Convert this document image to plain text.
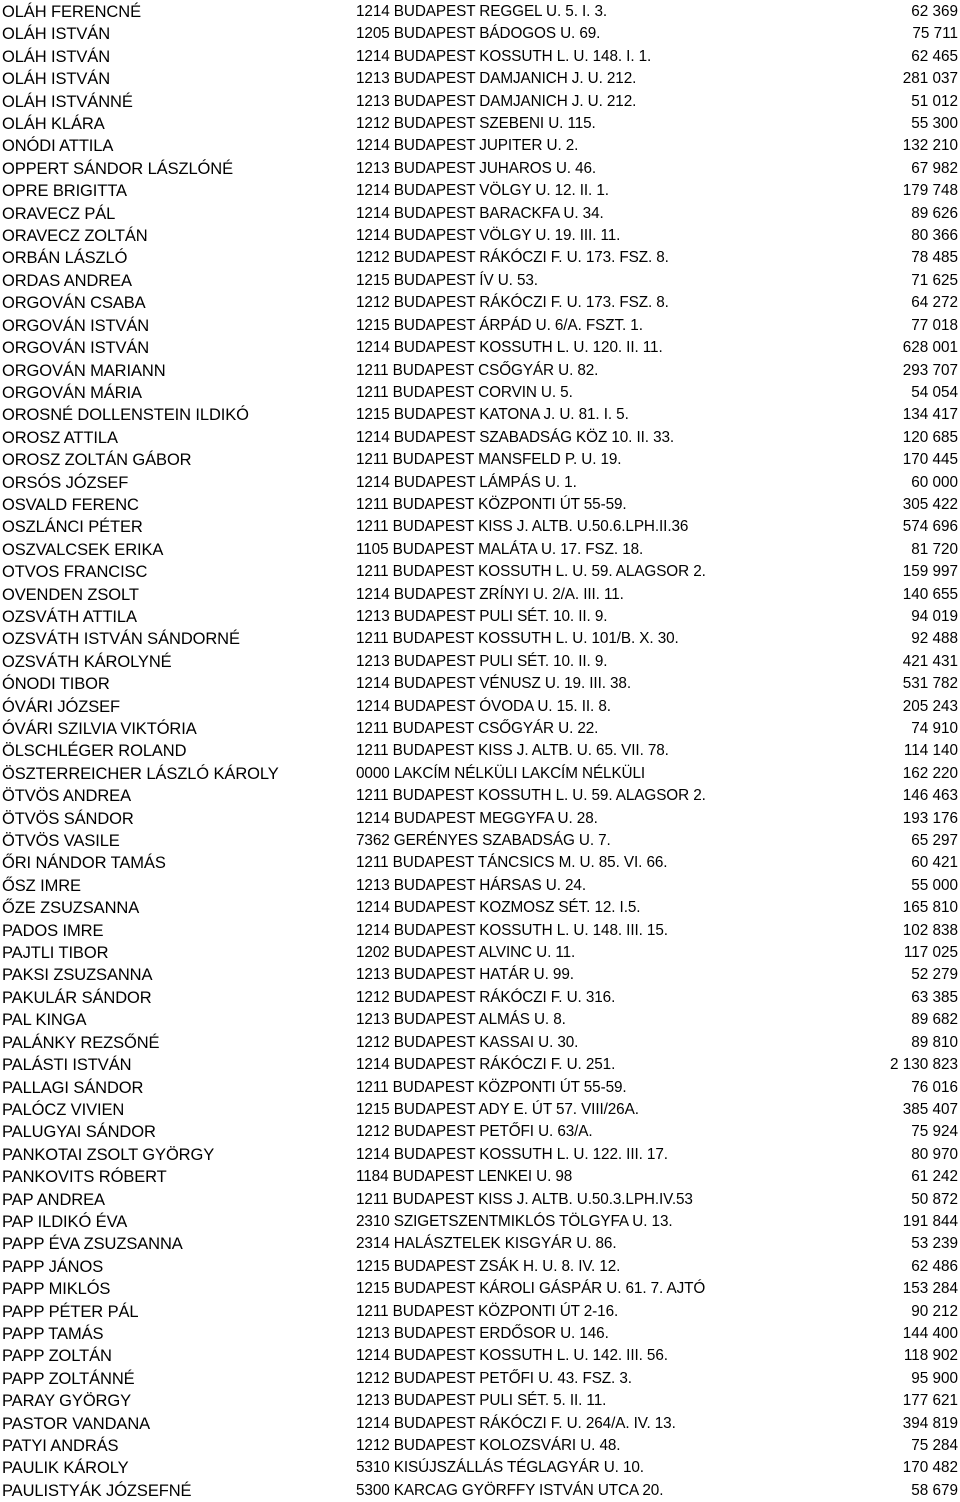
OLÁH FERENCNÉ	1214 BUDAPEST REGGEL U. 5. I. 3.	62 369
OLÁH ISTVÁN	1205 BUDAPEST BÁDOGOS U. 69.	75 711
OLÁH ISTVÁN	1214 BUDAPEST KOSSUTH L. U. 148. I. 1.	62 465
OLÁH ISTVÁN	1213 BUDAPEST DAMJANICH J. U. 212.	281 037
OLÁH ISTVÁNNÉ	1213 BUDAPEST DAMJANICH J. U. 212.	51 012
OLÁH KLÁRA	1212 BUDAPEST SZEBENI U. 115.	55 300
ONÓDI ATTILA	1214 BUDAPEST JUPITER U. 2.	132 210
OPPERT SÁNDOR LÁSZLÓNÉ	1213 BUDAPEST JUHAROS U. 46.	67 982
OPRE BRIGITTA	1214 BUDAPEST VÖLGY U. 12. II. 1.	179 748
ORAVECZ PÁL	1214 BUDAPEST BARACKFA U. 34.	89 626
ORAVECZ ZOLTÁN	1214 BUDAPEST VÖLGY U. 19. III. 11.	80 366
ORBÁN LÁSZLÓ	1212 BUDAPEST RÁKÓCZI F. U. 173. FSZ. 8.	78 485
ORDAS ANDREA	1215 BUDAPEST ÍV U. 53.	71 625
ORGOVÁN CSABA	1212 BUDAPEST RÁKÓCZI F. U. 173. FSZ. 8.	64 272
ORGOVÁN ISTVÁN	1215 BUDAPEST ÁRPÁD U. 6/A. FSZT. 1.	77 018
ORGOVÁN ISTVÁN	1214 BUDAPEST KOSSUTH L. U. 120. II. 11.	628 001
ORGOVÁN MARIANN	1211 BUDAPEST CSŐGYÁR U. 82.	293 707
ORGOVÁN MÁRIA	1211 BUDAPEST CORVIN U. 5.	54 054
OROSNÉ DOLLENSTEIN ILDIKÓ	1215 BUDAPEST KATONA J. U. 81. I. 5.	134 417
OROSZ ATTILA	1214 BUDAPEST SZABADSÁG KÖZ 10. II. 33.	120 685
OROSZ ZOLTÁN GÁBOR	1211 BUDAPEST MANSFELD P. U. 19.	170 445
ORSÓS JÓZSEF	1214 BUDAPEST LÁMPÁS U. 1.	60 000
OSVALD FERENC	1211 BUDAPEST KÖZPONTI ÚT 55-59.	305 422
OSZLÁNCI PÉTER	1211 BUDAPEST KISS J. ALTB. U.50.6.LPH.II.36	574 696
OSZVALCSEK ERIKA	1105 BUDAPEST MALÁTA U. 17. FSZ. 18.	81 720
OTVOS FRANCISC	1211 BUDAPEST KOSSUTH L. U. 59. ALAGSOR 2.	159 997
OVENDEN ZSOLT	1214 BUDAPEST ZRÍNYI U. 2/A. III. 11.	140 655
OZSVÁTH ATTILA	1213 BUDAPEST PULI SÉT. 10. II. 9.	94 019
OZSVÁTH ISTVÁN SÁNDORNÉ	1211 BUDAPEST KOSSUTH L. U. 101/B. X. 30.	92 488
OZSVÁTH KÁROLYNÉ	1213 BUDAPEST PULI SÉT. 10. II. 9.	421 431
ÓNODI TIBOR	1214 BUDAPEST VÉNUSZ U. 19. III. 38.	531 782
ÓVÁRI JÓZSEF	1214 BUDAPEST ÓVODA U. 15. II. 8.	205 243
ÓVÁRI SZILVIA VIKTÓRIA	1211 BUDAPEST CSŐGYÁR U. 22.	74 910
ÖLSCHLÉGER ROLAND	1211 BUDAPEST KISS J. ALTB. U. 65. VII. 78.	114 140
ÖSZTERREICHER LÁSZLÓ KÁROLY	0000 LAKCÍM NÉLKÜLI LAKCÍM NÉLKÜLI	162 220
ÖTVÖS ANDREA	1211 BUDAPEST KOSSUTH L. U. 59. ALAGSOR 2.	146 463
ÖTVÖS SÁNDOR	1214 BUDAPEST MEGGYFA U. 28.	193 176
ÖTVÖS VASILE	7362 GERÉNYES SZABADSÁG U. 7.	65 297
ŐRI NÁNDOR TAMÁS	1211 BUDAPEST TÁNCSICS M. U. 85. VI. 66.	60 421
ŐSZ IMRE	1213 BUDAPEST HÁRSAS U. 24.	55 000
ŐZE ZSUZSANNA	1214 BUDAPEST KOZMOSZ SÉT. 12. I.5.	165 810
PADOS IMRE	1214 BUDAPEST KOSSUTH L. U. 148. III. 15.	102 838
PAJTLI TIBOR	1202 BUDAPEST ALVINC U. 11.	117 025
PAKSI ZSUZSANNA	1213 BUDAPEST HATÁR U. 99.	52 279
PAKULÁR SÁNDOR	1212 BUDAPEST RÁKÓCZI F. U. 316.	63 385
PAL KINGA	1213 BUDAPEST ALMÁS U. 8.	89 682
PALÁNKY REZSŐNÉ	1212 BUDAPEST KASSAI U. 30.	89 810
PALÁSTI ISTVÁN	1214 BUDAPEST RÁKÓCZI F. U. 251.	2 130 823
PALLAGI SÁNDOR	1211 BUDAPEST KÖZPONTI ÚT 55-59.	76 016
PALÓCZ VIVIEN	1215 BUDAPEST ADY E. ÚT 57. VIII/26A.	385 407
PALUGYAI SÁNDOR	1212 BUDAPEST PETŐFI U. 63/A.	75 924
PANKOTAI ZSOLT GYÖRGY	1214 BUDAPEST KOSSUTH L. U. 122. III. 17.	80 970
PANKOVITS RÓBERT	1184 BUDAPEST LENKEI U. 98	61 242
PAP ANDREA	1211 BUDAPEST KISS J. ALTB. U.50.3.LPH.IV.53	50 872
PAP ILDIKÓ ÉVA	2310 SZIGETSZENTMIKLÓS TÖLGYFA U. 13.	191 844
PAPP ÉVA ZSUZSANNA	2314 HALÁSZTELEK KISGYÁR U. 86.	53 239
PAPP JÁNOS	1215 BUDAPEST ZSÁK H. U. 8. IV. 12.	62 486
PAPP MIKLÓS	1215 BUDAPEST KÁROLI GÁSPÁR U. 61. 7. AJTÓ	153 284
PAPP PÉTER PÁL	1211 BUDAPEST KÖZPONTI ÚT 2-16.	90 212
PAPP TAMÁS	1213 BUDAPEST ERDŐSOR U. 146.	144 400
PAPP ZOLTÁN	1214 BUDAPEST KOSSUTH L. U. 142. III. 56.	118 902
PAPP ZOLTÁNNÉ	1212 BUDAPEST PETŐFI U. 43. FSZ. 3.	95 900
PARAY GYÖRGY	1213 BUDAPEST PULI SÉT. 5. II. 11.	177 621
PASTOR VANDANA	1214 BUDAPEST RÁKÓCZI F. U. 264/A. IV. 13.	394 819
PATYI ANDRÁS	1212 BUDAPEST KOLOZSVÁRI U. 48.	75 284
PAULIK KÁROLY	5310 KISÚJSZÁLLÁS TÉGLAGYÁR U. 10.	170 482
PAULISTYÁK JÓZSEFNÉ	5300 KARCAG GYÖRFFY ISTVÁN UTCA 20.	58 679
